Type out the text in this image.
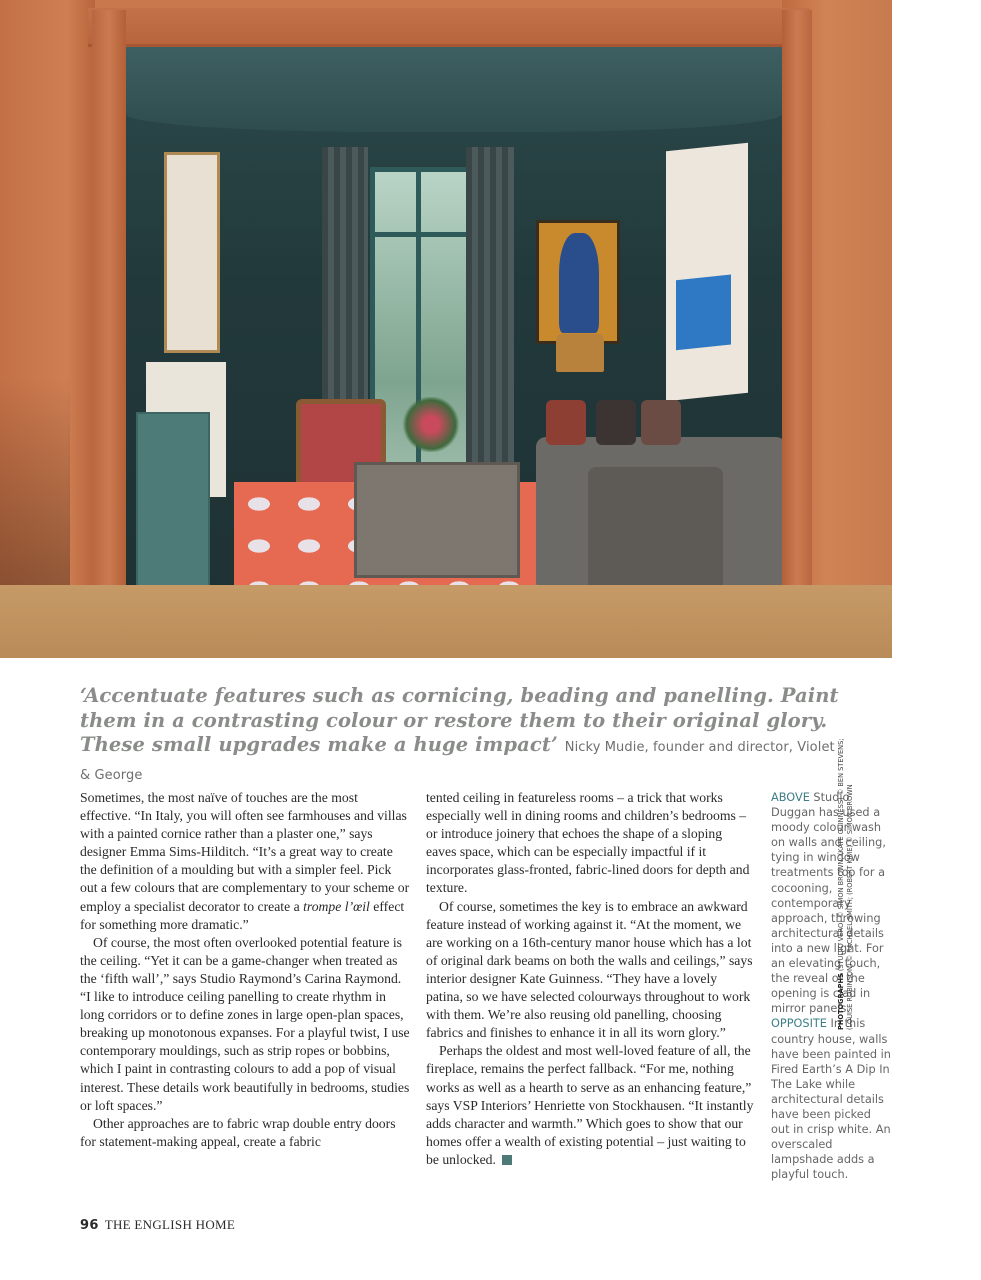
‘Accentuate features such as cornicing, beading and panelling. Paint them in a contrasting colour or restore them to their original glory. These small upgrades make a huge impact’ Nicky Mudie, founder and director, Violet & George

Sometimes, the most naïve of touches are the most effective. “In Italy, you will often see farmhouses and villas with a painted cornice rather than a plaster one,” says designer Emma Sims-Hilditch. “It’s a great way to create the definition of a moulding but with a simpler feel. Pick out a few colours that are complementary to your scheme or employ a specialist decorator to create a trompe l’œil effect for something more dramatic.”

Of course, the most often overlooked potential feature is the ceiling. “Yet it can be a game-changer when treated as the ‘fifth wall’,” says Studio Raymond’s Carina Raymond. “I like to introduce ceiling panelling to create rhythm in long corridors or to define zones in large open-plan spaces, breaking up monotonous expanses. For a playful twist, I use contemporary mouldings, such as strip ropes or bobbins, which I paint in contrasting colours to add a pop of visual interest. These details work beautifully in bedrooms, studies or loft spaces.”

Other approaches are to fabric wrap double entry doors for statement-making appeal, create a fabric

tented ceiling in featureless rooms – a trick that works especially well in dining rooms and children’s bedrooms – or introduce joinery that echoes the shape of a sloping eaves space, which can be especially impactful if it incorporates glass-fronted, fabric-lined doors for depth and texture.

Of course, sometimes the key is to embrace an awkward feature instead of working against it. “At the moment, we are working on a 16th-century manor house which has a lot of original dark beams on both the walls and ceilings,” says interior designer Kate Guinness. “They have a lovely patina, so we have selected colourways throughout to work with them. We’re also reusing old panelling, choosing fabrics and finishes to enhance it in all its worn glory.”

Perhaps the oldest and most well-loved feature of all, the fireplace, remains the perfect fallback. “For me, nothing works as well as a hearth to serve as an enhancing feature,” says VSP Interiors’ Henriette von Stockhausen. “It instantly adds character and warmth.” Which goes to show that our homes offer a wealth of existing potential – just waiting to be unlocked.

ABOVE Studio Duggan has used a moody colour wash on walls and ceiling, tying in window treatments too for a cocooning, contemporary approach, throwing architectural details into a new light. For an elevating touch, the reveal of the opening is clad in mirror panels.
OPPOSITE In this country house, walls have been painted in Fired Earth’s A Dip In The Lake while architectural details have been picked out in crisp white. An overscaled lampshade adds a playful touch.
PHOTOGRAPHS (STUDIO VERO) © SIMON BROWN; (KATE GUINNESS) © BEN STEVENS;
(LOUISE ROBINSON) © RACHAEL SMITH; (ROBERT KIME) © SIMON BROWN
96 THE ENGLISH HOME
